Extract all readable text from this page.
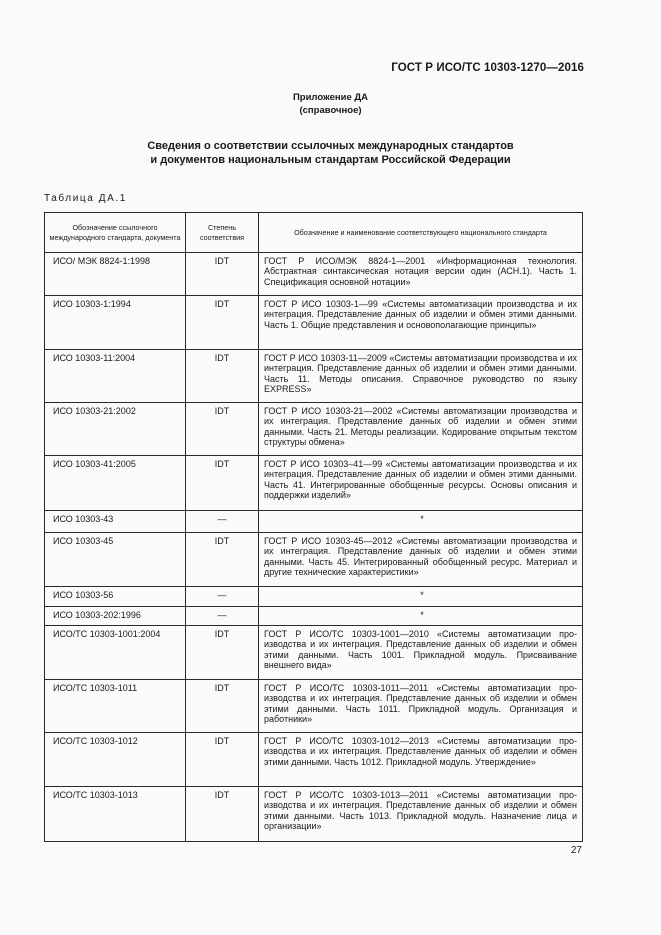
ГОСТ Р ИСО/ТС 10303-1270—2016
Приложение ДА
(справочное)
Сведения о соответствии ссылочных международных стандартов
и документов национальным стандартам Российской Федерации
Таблица ДА.1
Обозначение ссылочного международного стандарта, документа	Степень соответствия	Обозначение и наименование соответствующего национального стандарта
ИСО/ МЭК 8824-1:1998	IDT	ГОСТ Р ИСО/МЭК 8824-1—2001 «Информационная технология. Абстрактная синтаксическая нотация версии один (АСН.1). Часть 1. Спецификация основной нотации»
ИСО 10303-1:1994	IDT	ГОСТ Р ИСО 10303-1—99 «Системы автоматизации производства и их интеграция. Представление данных об изделии и обмен этими данными. Часть 1. Общие представления и основополагающие принципы»
ИСО 10303-11:2004	IDT	ГОСТ Р ИСО 10303-11—2009 «Системы автоматизации производства и их интеграция. Представление данных об изделии и обмен этими данными. Часть 11. Методы описания. Справочное руководство по языку EXPRESS»
ИСО 10303-21:2002	IDT	ГОСТ Р ИСО 10303-21—2002 «Системы автоматизации производства и их интеграция. Представление данных об изделии и обмен этими данными. Часть 21. Методы реализации. Кодирование открытым текстом структуры обмена»
ИСО 10303-41:2005	IDT	ГОСТ Р ИСО 10303–41—99 «Системы автоматизации производства и их интеграция. Представление данных об изделии и обмен этими данными. Часть 41. Интегрированные обобщенные ресурсы. Основы описания и поддержки изделий»
ИСО 10303-43	—	*
ИСО 10303-45	IDT	ГОСТ Р ИСО 10303-45—2012 «Системы автоматизации производства и их интеграция. Представление данных об изделии и обмен этими данными. Часть 45. Интегрированный обобщенный ресурс. Материал и другие технические характеристики»
ИСО 10303-56	—	*
ИСО 10303-202:1996	—	*
ИСО/ТС 10303-1001:2004	IDT	ГОСТ Р ИСО/ТС 10303-1001—2010 «Системы автоматизации производства и их интеграция. Представление данных об изделии и обмен этими данными. Часть 1001. Прикладной модуль. Присваивание внешнего вида»
ИСО/ТС 10303-1011	IDT	ГОСТ Р ИСО/ТС 10303-1011—2011 «Системы автоматизации производства и их интеграция. Представление данных об изделии и обмен этими данными. Часть 1011. Прикладной модуль. Организация и работники»
ИСО/ТС 10303-1012	IDT	ГОСТ Р ИСО/ТС 10303-1012—2013 «Системы автоматизации производства и их интеграция. Представление данных об изделии и обмен этими данными. Часть 1012. Прикладной модуль. Утверждение»
ИСО/ТС 10303-1013	IDT	ГОСТ Р ИСО/ТС 10303-1013—2011 «Системы автоматизации производства и их интеграция. Представление данных об изделии и обмен этими данными. Часть 1013. Прикладной модуль. Назначение лица и организации»
27
